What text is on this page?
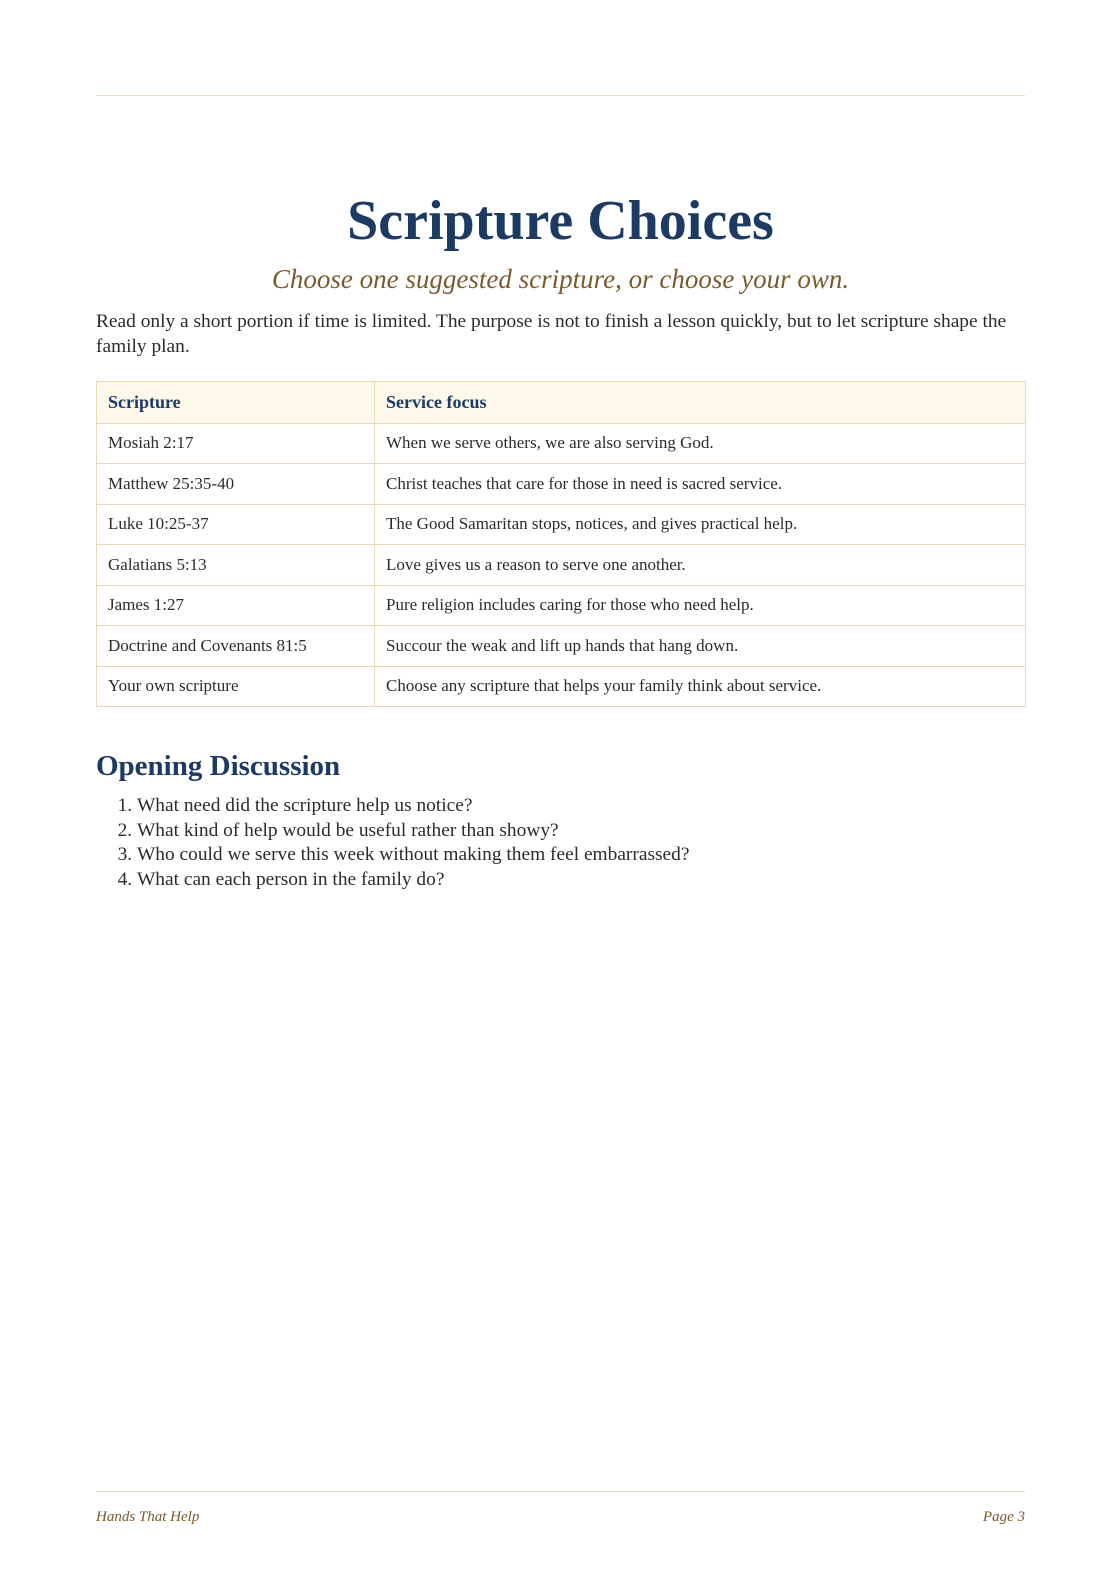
Scripture Choices

Choose one suggested scripture, or choose your own.

Read only a short portion if time is limited. The purpose is not to finish a lesson quickly, but to let scripture shape the family plan.

Scripture	Service focus
Mosiah 2:17	When we serve others, we are also serving God.
Matthew 25:35-40	Christ teaches that care for those in need is sacred service.
Luke 10:25-37	The Good Samaritan stops, notices, and gives practical help.
Galatians 5:13	Love gives us a reason to serve one another.
James 1:27	Pure religion includes caring for those who need help.
Doctrine and Covenants 81:5	Succour the weak and lift up hands that hang down.
Your own scripture	Choose any scripture that helps your family think about service.
Opening Discussion
1. What need did the scripture help us notice?
2. What kind of help would be useful rather than showy?
3. Who could we serve this week without making them feel embarrassed?
4. What can each person in the family do?
Hands That Help	Page 3
